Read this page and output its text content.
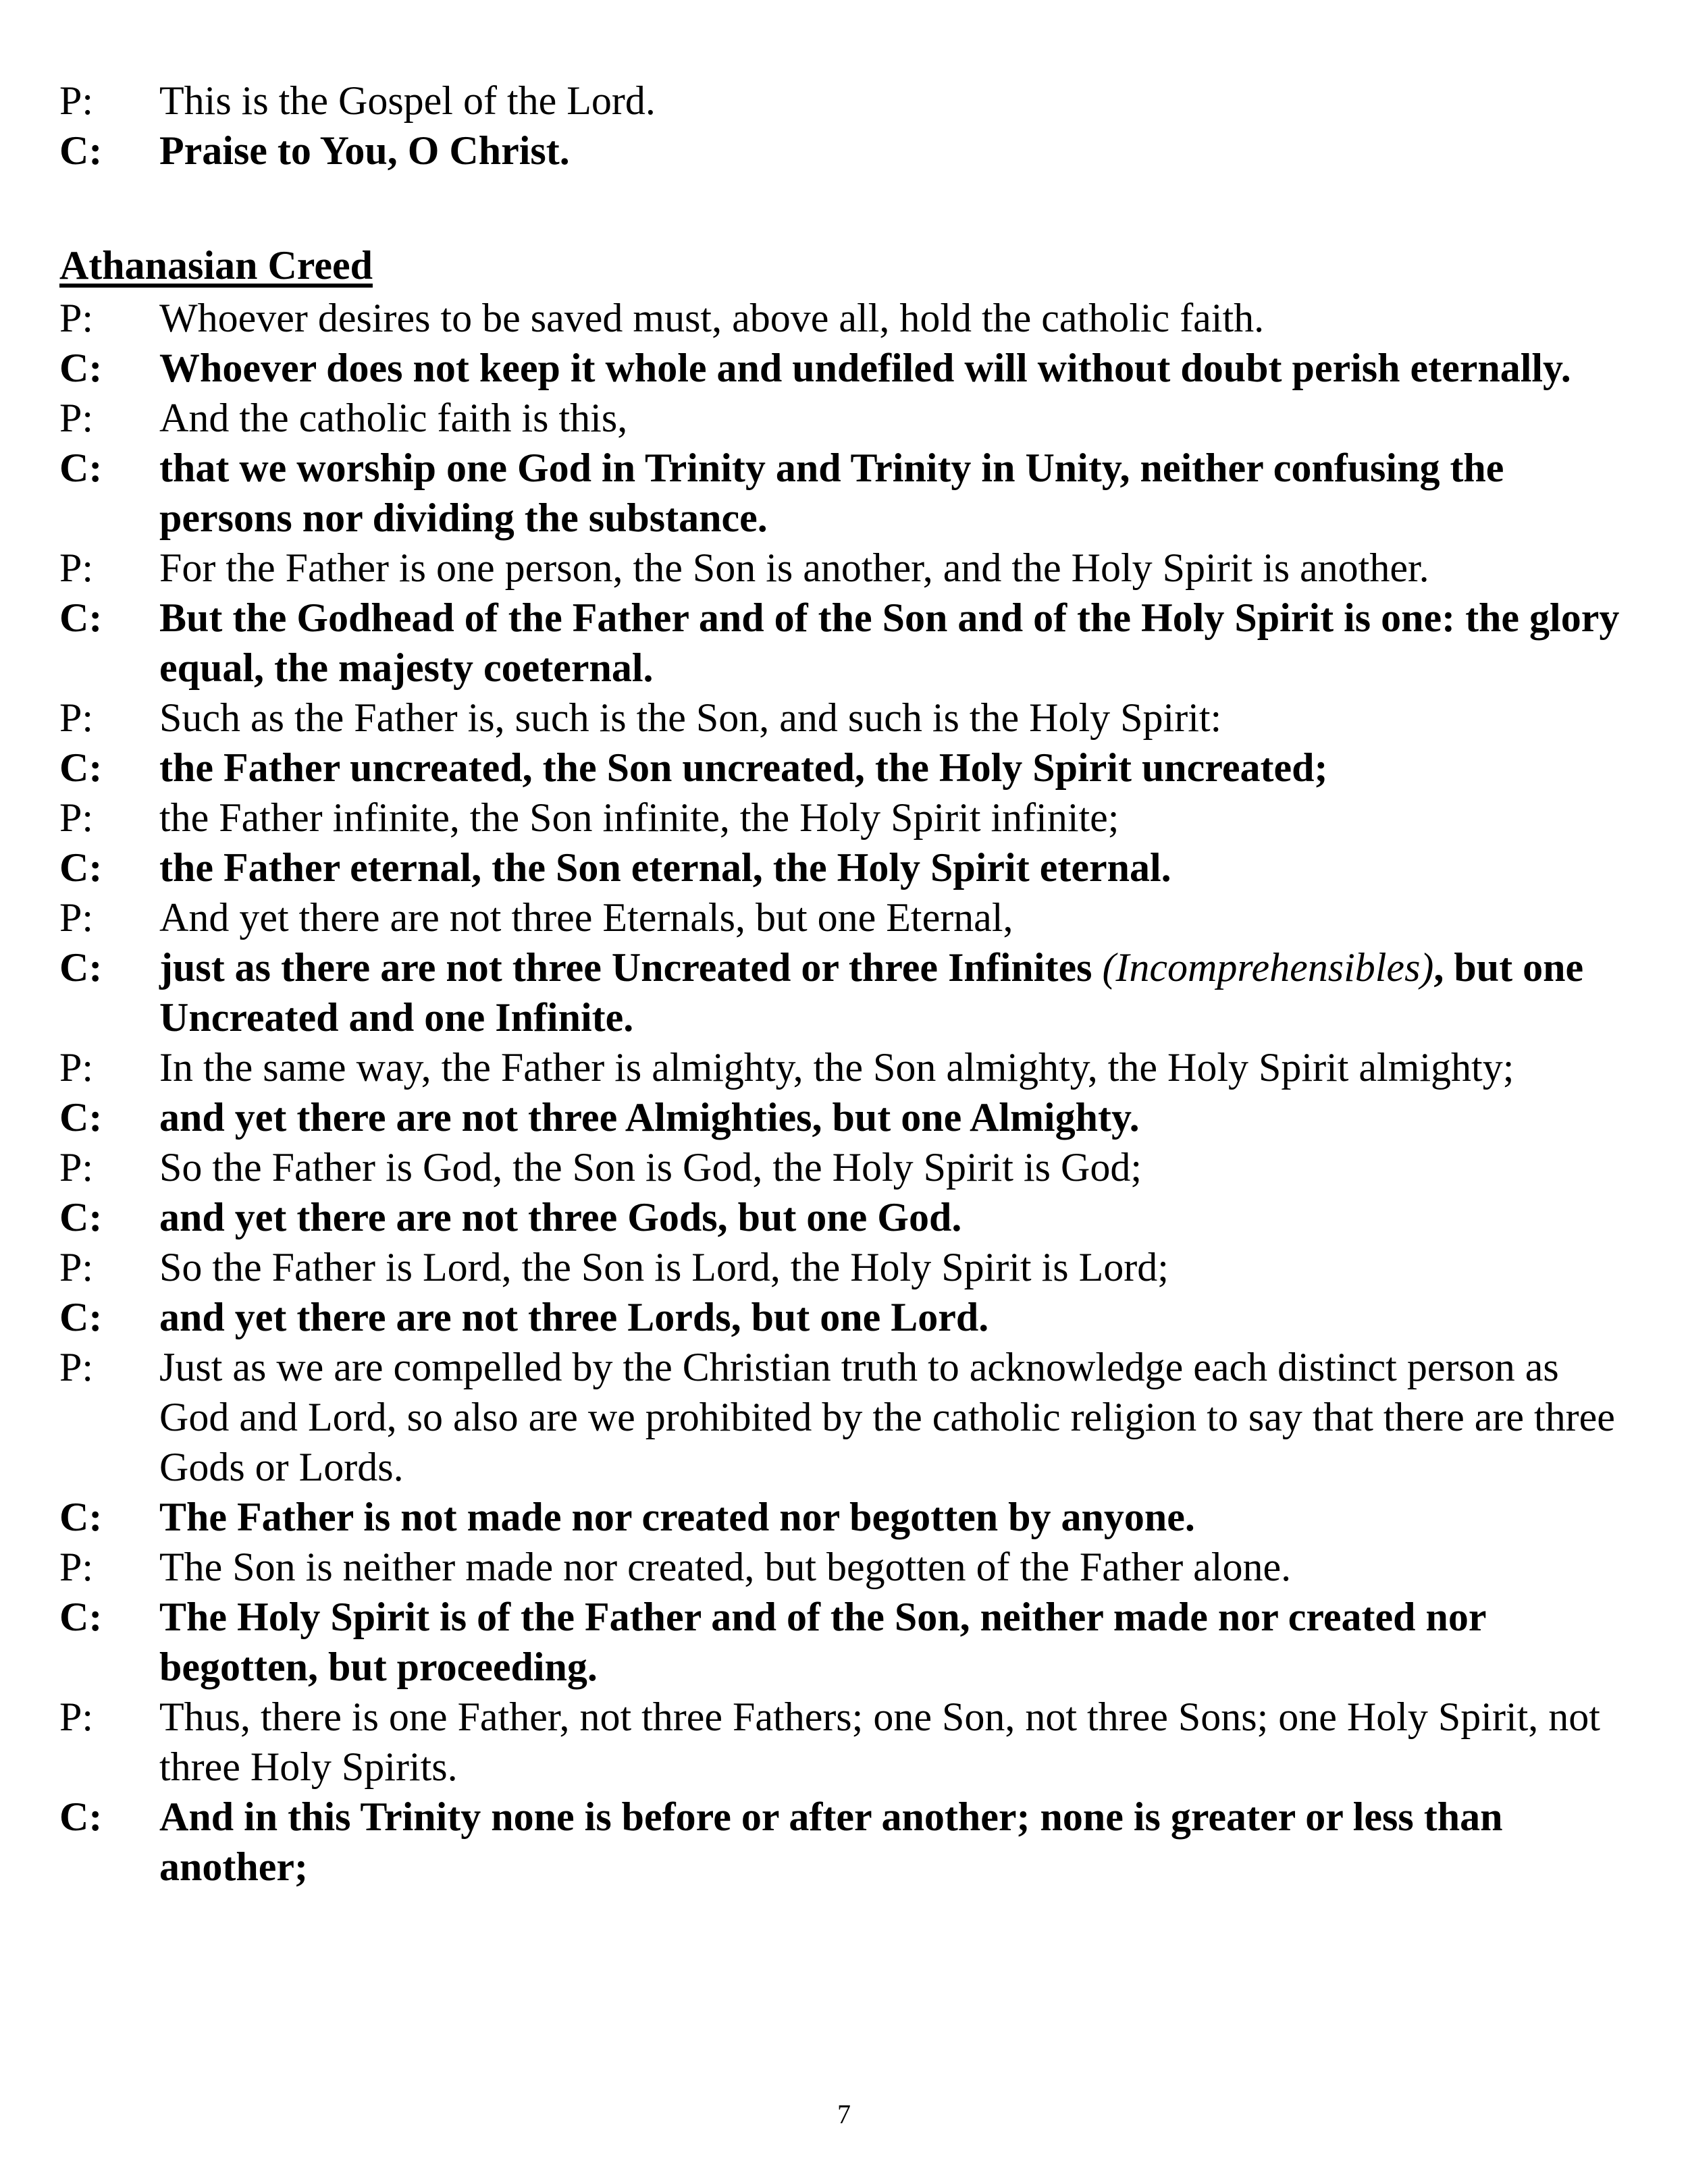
P:	This is the Gospel of the Lord.
C:	Praise to You, O Christ.
Athanasian Creed
P:	Whoever desires to be saved must, above all, hold the catholic faith.
C:	Whoever does not keep it whole and undefiled will without doubt perish eternally.
P:	And the catholic faith is this,
C:	that we worship one God in Trinity and Trinity in Unity, neither confusing the persons nor dividing the substance.
P:	For the Father is one person, the Son is another, and the Holy Spirit is another.
C:	But the Godhead of the Father and of the Son and of the Holy Spirit is one: the glory equal, the majesty coeternal.
P:	Such as the Father is, such is the Son, and such is the Holy Spirit:
C:	the Father uncreated, the Son uncreated, the Holy Spirit uncreated;
P:	the Father infinite, the Son infinite, the Holy Spirit infinite;
C:	the Father eternal, the Son eternal, the Holy Spirit eternal.
P:	And yet there are not three Eternals, but one Eternal,
C:	just as there are not three Uncreated or three Infinites (Incomprehensibles), but one Uncreated and one Infinite.
P:	In the same way, the Father is almighty, the Son almighty, the Holy Spirit almighty;
C:	and yet there are not three Almighties, but one Almighty.
P:	So the Father is God, the Son is God, the Holy Spirit is God;
C:	and yet there are not three Gods, but one God.
P:	So the Father is Lord, the Son is Lord, the Holy Spirit is Lord;
C:	and yet there are not three Lords, but one Lord.
P:	Just as we are compelled by the Christian truth to acknowledge each distinct person as God and Lord, so also are we prohibited by the catholic religion to say that there are three Gods or Lords.
C:	The Father is not made nor created nor begotten by anyone.
P:	The Son is neither made nor created, but begotten of the Father alone.
C:	The Holy Spirit is of the Father and of the Son, neither made nor created nor begotten, but proceeding.
P:	Thus, there is one Father, not three Fathers; one Son, not three Sons; one Holy Spirit, not three Holy Spirits.
C:	And in this Trinity none is before or after another; none is greater or less than another;
7
